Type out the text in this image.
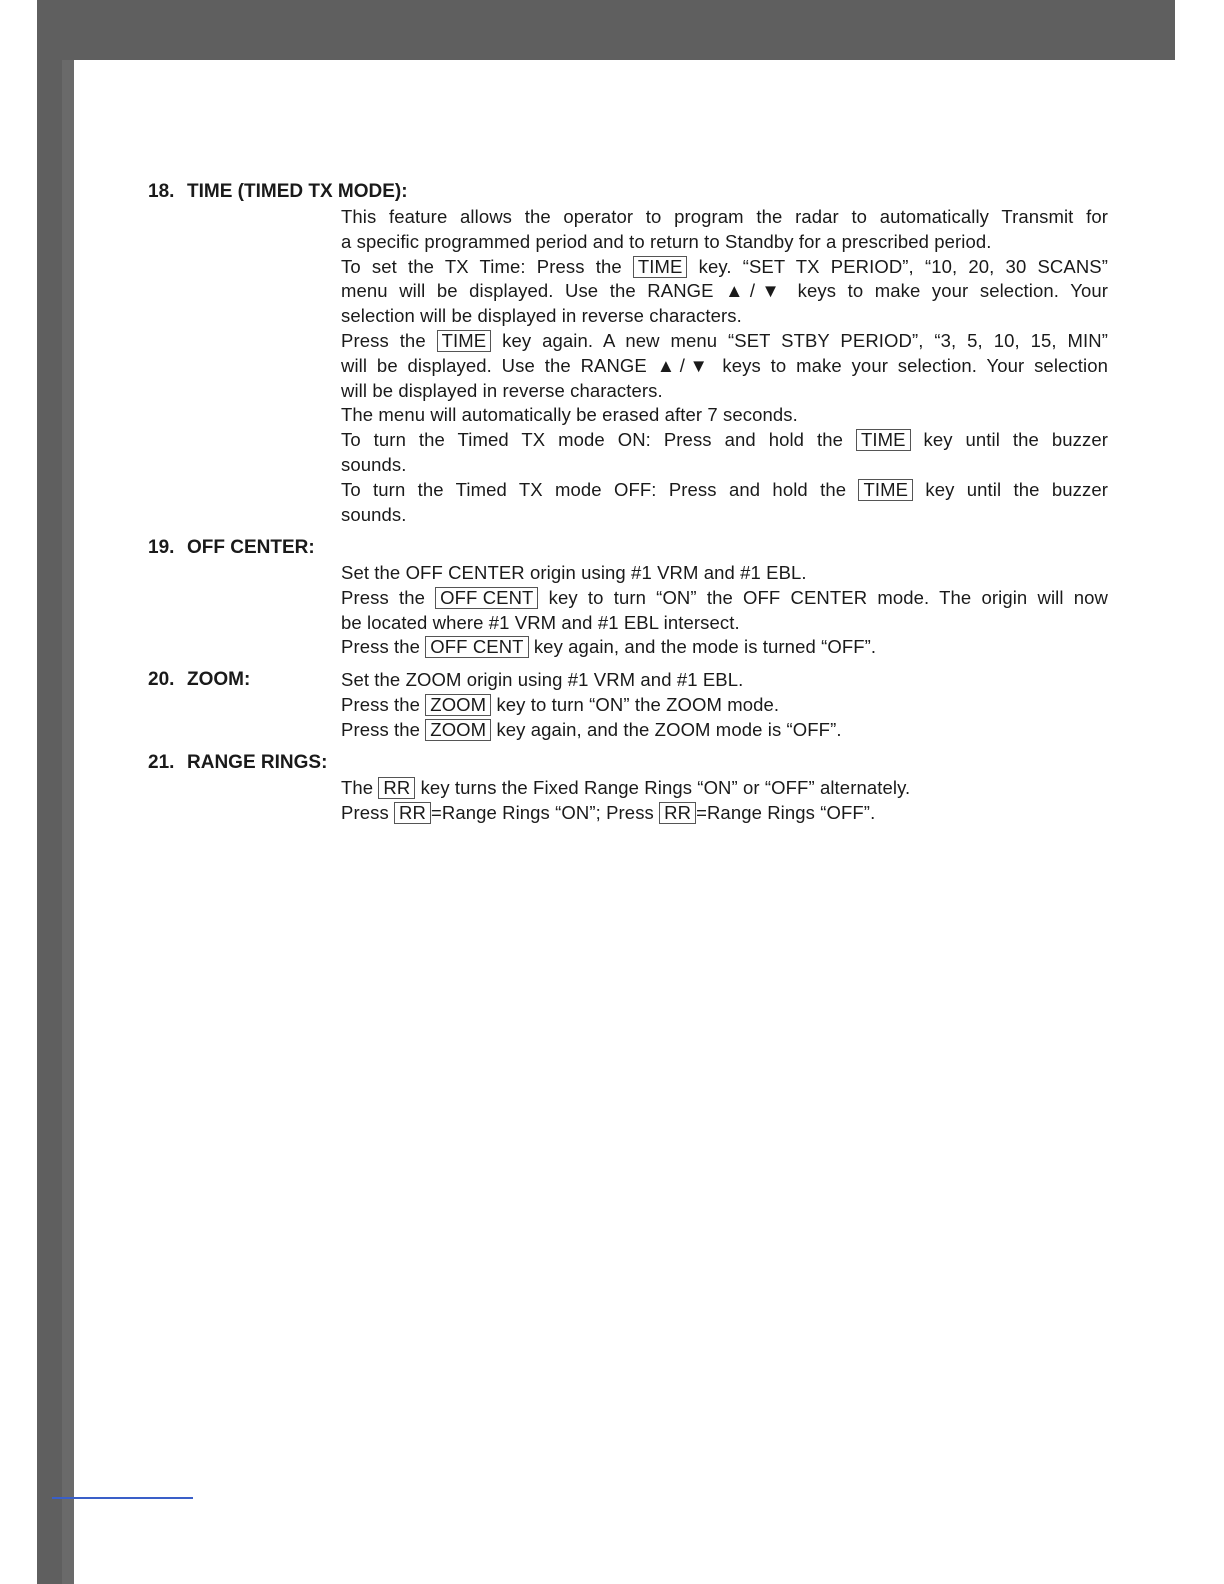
18. TIME (TIMED TX MODE):
This feature allows the operator to program the radar to automatically Transmit for
a specific programmed period and to return to Standby for a prescribed period.
To set the TX Time: Press the TIME key. “SET TX PERIOD”, “10, 20, 30 SCANS”
menu will be displayed. Use the RANGE ▲/▼ keys to make your selection. Your
selection will be displayed in reverse characters.
Press the TIME key again. A new menu “SET STBY PERIOD”, “3, 5, 10, 15, MIN”
will be displayed. Use the RANGE ▲/▼ keys to make your selection. Your selection
will be displayed in reverse characters.
The menu will automatically be erased after 7 seconds.
To turn the Timed TX mode ON: Press and hold the TIME key until the buzzer
sounds.
To turn the Timed TX mode OFF: Press and hold the TIME key until the buzzer
sounds.
19. OFF CENTER:
Set the OFF CENTER origin using #1 VRM and #1 EBL.
Press the OFF CENT key to turn “ON” the OFF CENTER mode. The origin will now
be located where #1 VRM and #1 EBL intersect.
Press the OFF CENT key again, and the mode is turned “OFF”.
20. ZOOM:	Set the ZOOM origin using #1 VRM and #1 EBL.
Press the ZOOM key to turn “ON” the ZOOM mode.
Press the ZOOM key again, and the ZOOM mode is “OFF”.
21. RANGE RINGS:
The RR key turns the Fixed Range Rings “ON” or “OFF” alternately.
Press RR =Range Rings “ON”; Press RR =Range Rings “OFF”.
